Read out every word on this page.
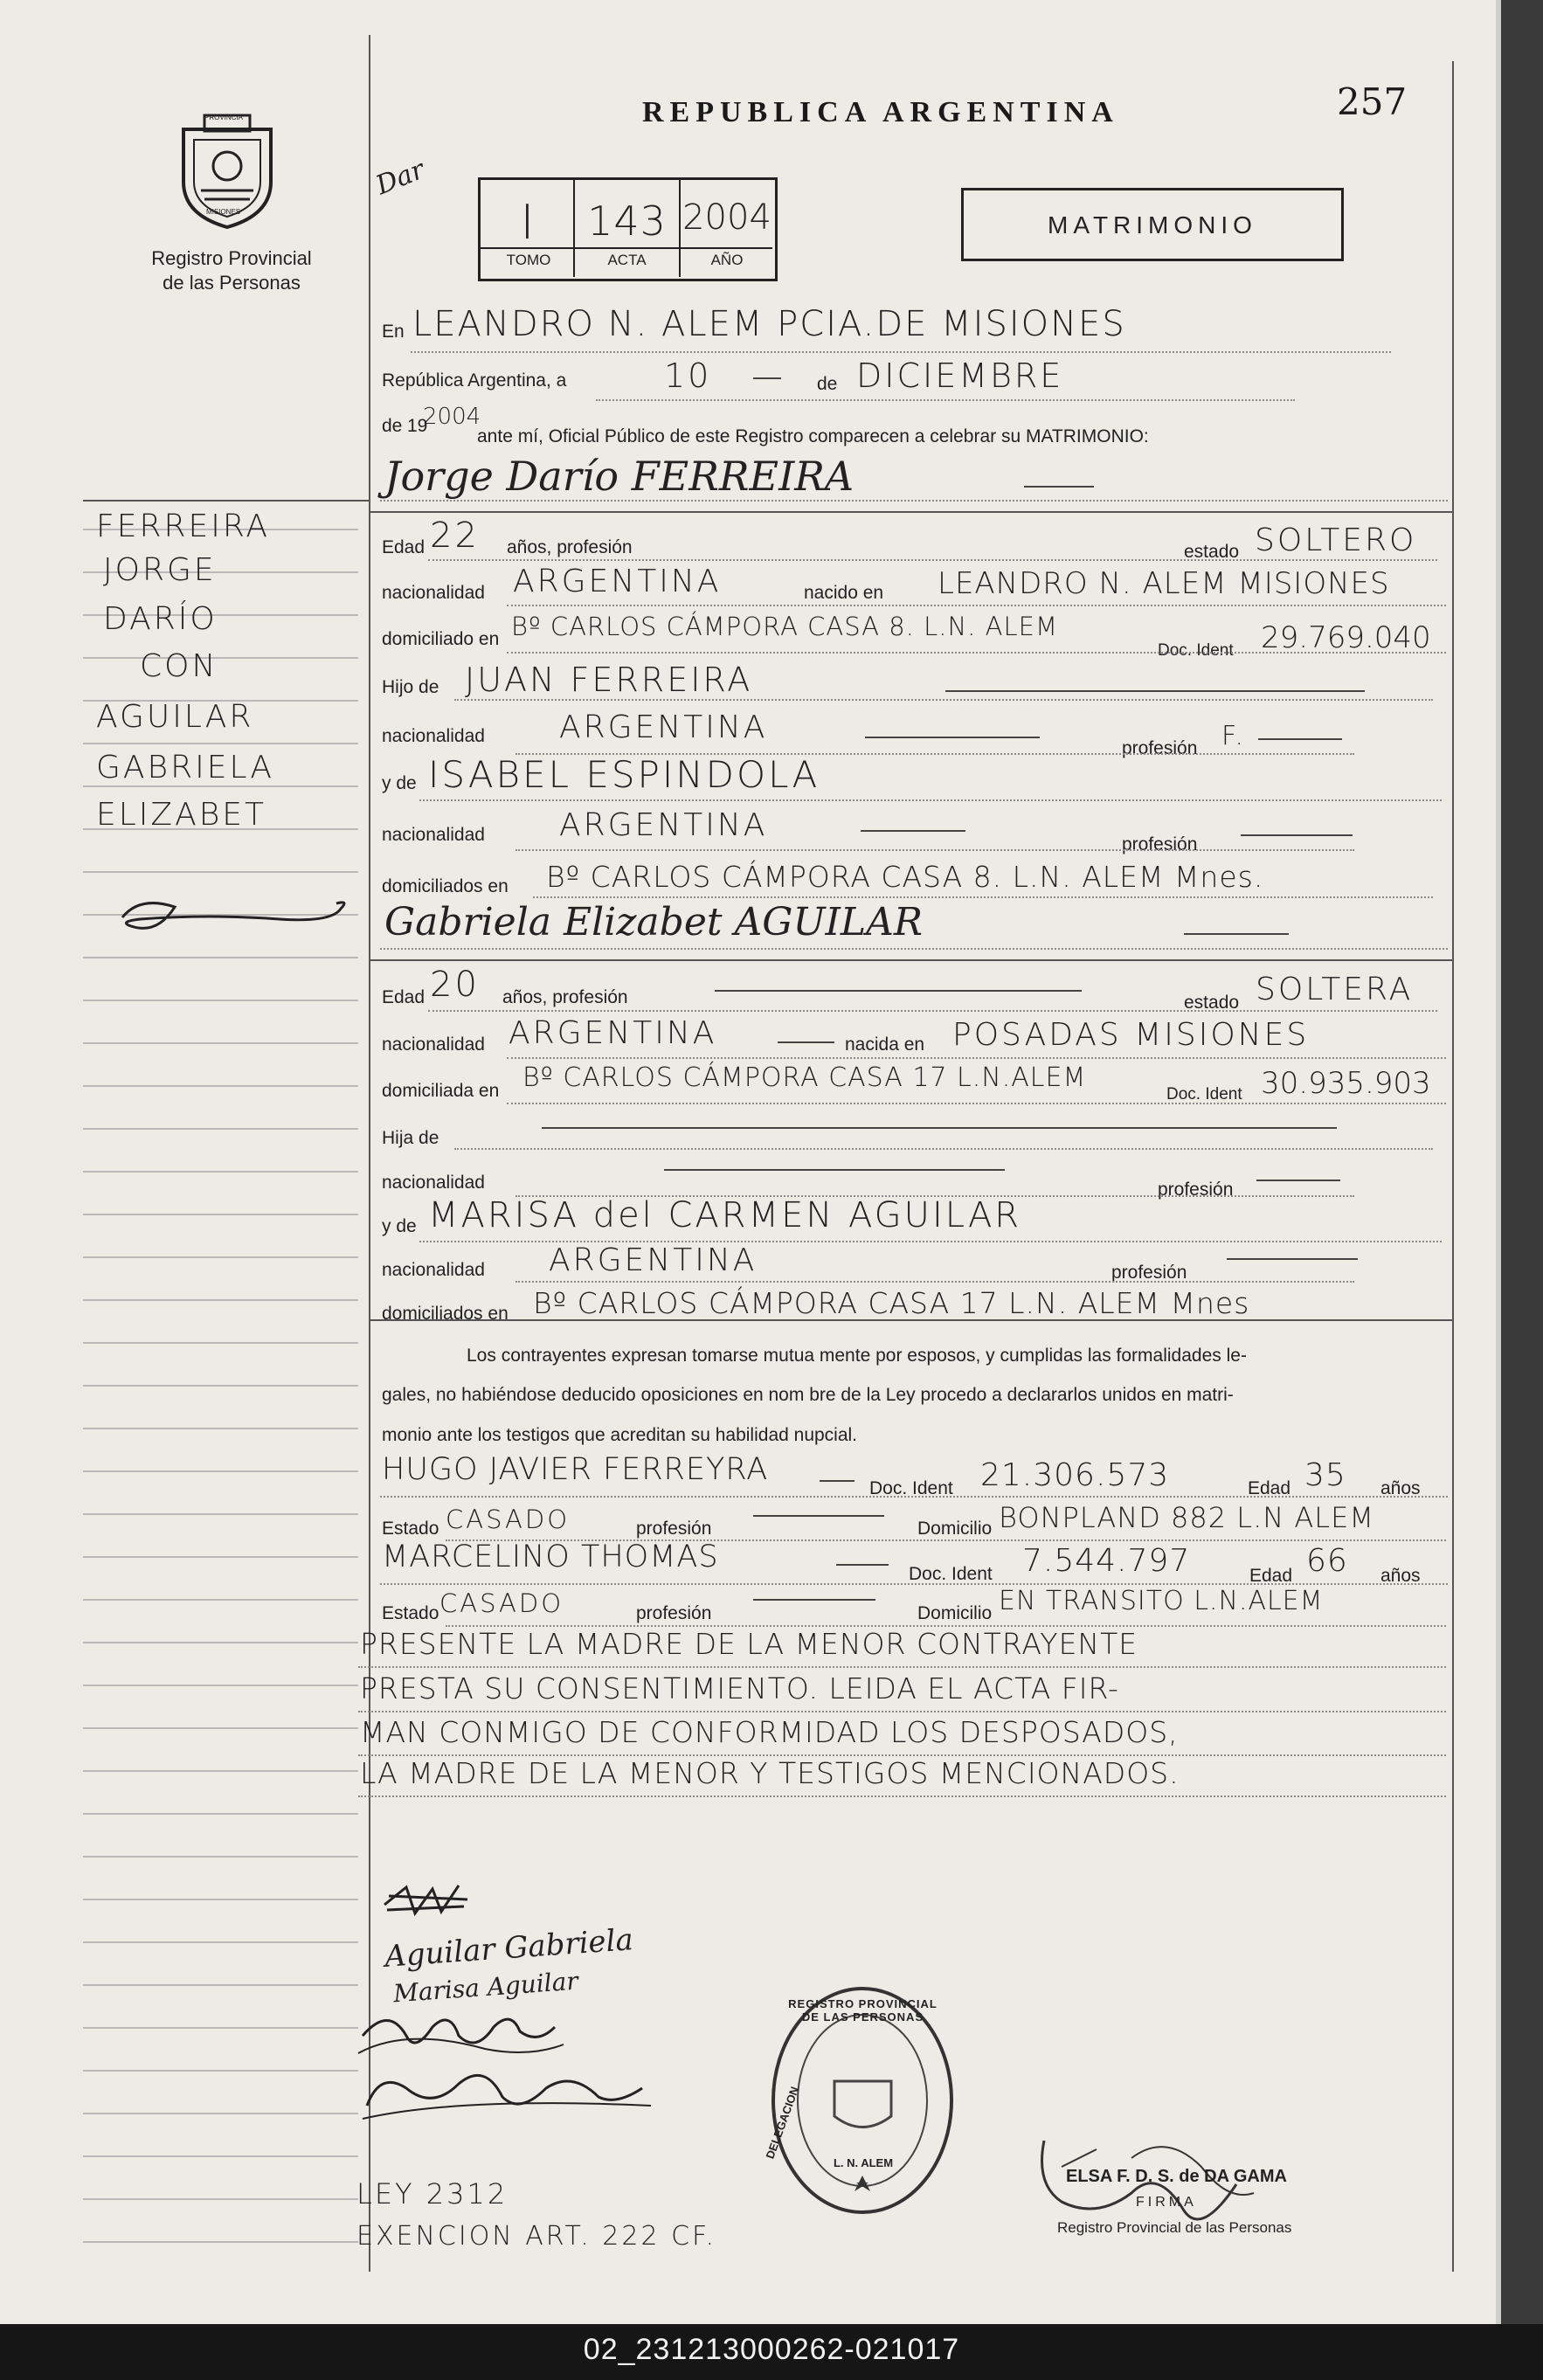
PROVINCIA
MISIONES
Registro Provincial
de las Personas
REPUBLICA ARGENTINA	257
Dar
I	143 2004
TOMO	ACTA	AÑO
MATRIMONIO
En LEANDRO N. ALEM PCIA.DE MISIONES
República Argentina, a	10	de DICIEMBRE
de 19
2004
ante mí, Oficial Público de este Registro comparecen a celebrar su MATRIMONIO:
Jorge Darío FERREIRA
FERREIRA
JORGE
DARÍO
CON
AGUILAR
GABRIELA
ELIZABET
Edad 22 años, profesión	estado SOLTERO
nacionalidad ARGENTINA	nacido en LEANDRO N. ALEM MISIONES
domiciliado en Bº CARLOS CÁMPORA CASA 8. L.N. ALEM
Doc. Ident 29.769.040
Hijo de JUAN FERREIRA
nacionalidad ARGENTINA
profesión F.
y de ISABEL ESPINDOLA
nacionalidad ARGENTINA
profesión
domiciliados en Bº CARLOS CÁMPORA CASA 8. L.N. ALEM Mnes.
Gabriela Elizabet AGUILAR
Edad 20 años, profesión	estado SOLTERA
nacionalidad ARGENTINA	nacida en POSADAS MISIONES
domiciliada en Bº CARLOS CÁMPORA CASA 17 L.N.ALEM
Doc. Ident 30.935.903
Hija de
nacionalidad	profesión
y de MARISA del CARMEN AGUILAR
nacionalidad ARGENTINA	profesión
domiciliados en Bº CARLOS CÁMPORA CASA 17 L.N. ALEM Mnes
Los contrayentes expresan tomarse mutua mente por esposos, y cumplidas las formalidades le-
gales, no habiéndose deducido oposiciones en nom bre de la Ley procedo a declararlos unidos en matri-
monio ante los testigos que acreditan su habilidad nupcial.
HUGO JAVIER FERREYRA
Doc. Ident 21.306.573	Edad 35 años
Estado CASADO	profesión	Domicilio BONPLAND 882 L.N ALEM
MARCELINO THOMAS	Doc. Ident 7.544.797	Edad 66 años
Estado CASADO	profesión	Domicilio EN TRANSITO L.N.ALEM
PRESENTE LA MADRE DE LA MENOR CONTRAYENTE
PRESTA SU CONSENTIMIENTO. LEIDA EL ACTA FIR-
MAN CONMIGO DE CONFORMIDAD LOS DESPOSADOS,
LA MADRE DE LA MENOR Y TESTIGOS MENCIONADOS.
Aguilar Gabriela
Marisa Aguilar	REGISTRO PROVINCIAL DE LAS PERSONAS
DELEGACION
L. N. ALEM
ELSA F. D. S. de DA GAMA
FIRMA
Registro Provincial de las Personas
LEY 2312
EXENCION ART. 222 CF.
02_231213000262-021017
